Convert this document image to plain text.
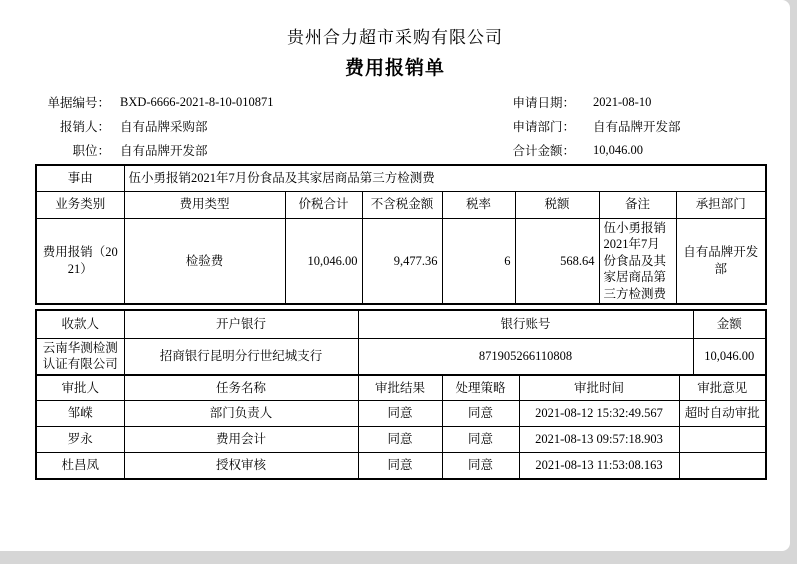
贵州合力超市采购有限公司
费用报销单
单据编号： BXD-6666-2021-8-10-010871	申请日期：	2021-08-10
报销人： 自有品牌采购部	申请部门：	自有品牌开发部
职位： 自有品牌开发部	合计金额：	10,046.00
事由	伍小勇报销2021年7月份食品及其家居商品第三方检测费						
业务类别	费用类型	价税合计	不含税金额	税率	税额	备注	承担部门
费用报销（2021）	检验费	10,046.00	9,477.36	6	568.64	伍小勇报销2021年7月份食品及其家居商品第三方检测费	自有品牌开发部
收款人	开户银行	银行账号	金额
云南华测检测认证有限公司	招商银行昆明分行世纪城支行	871905266110808	10,046.00
审批人	任务名称	审批结果	处理策略	审批时间	审批意见
邹嵘	部门负责人	同意	同意	2021-08-12 15:32:49.567	超时自动审批
罗永	费用会计	同意	同意	2021-08-13 09:57:18.903	
杜昌凤	授权审核	同意	同意	2021-08-13 11:53:08.163	
